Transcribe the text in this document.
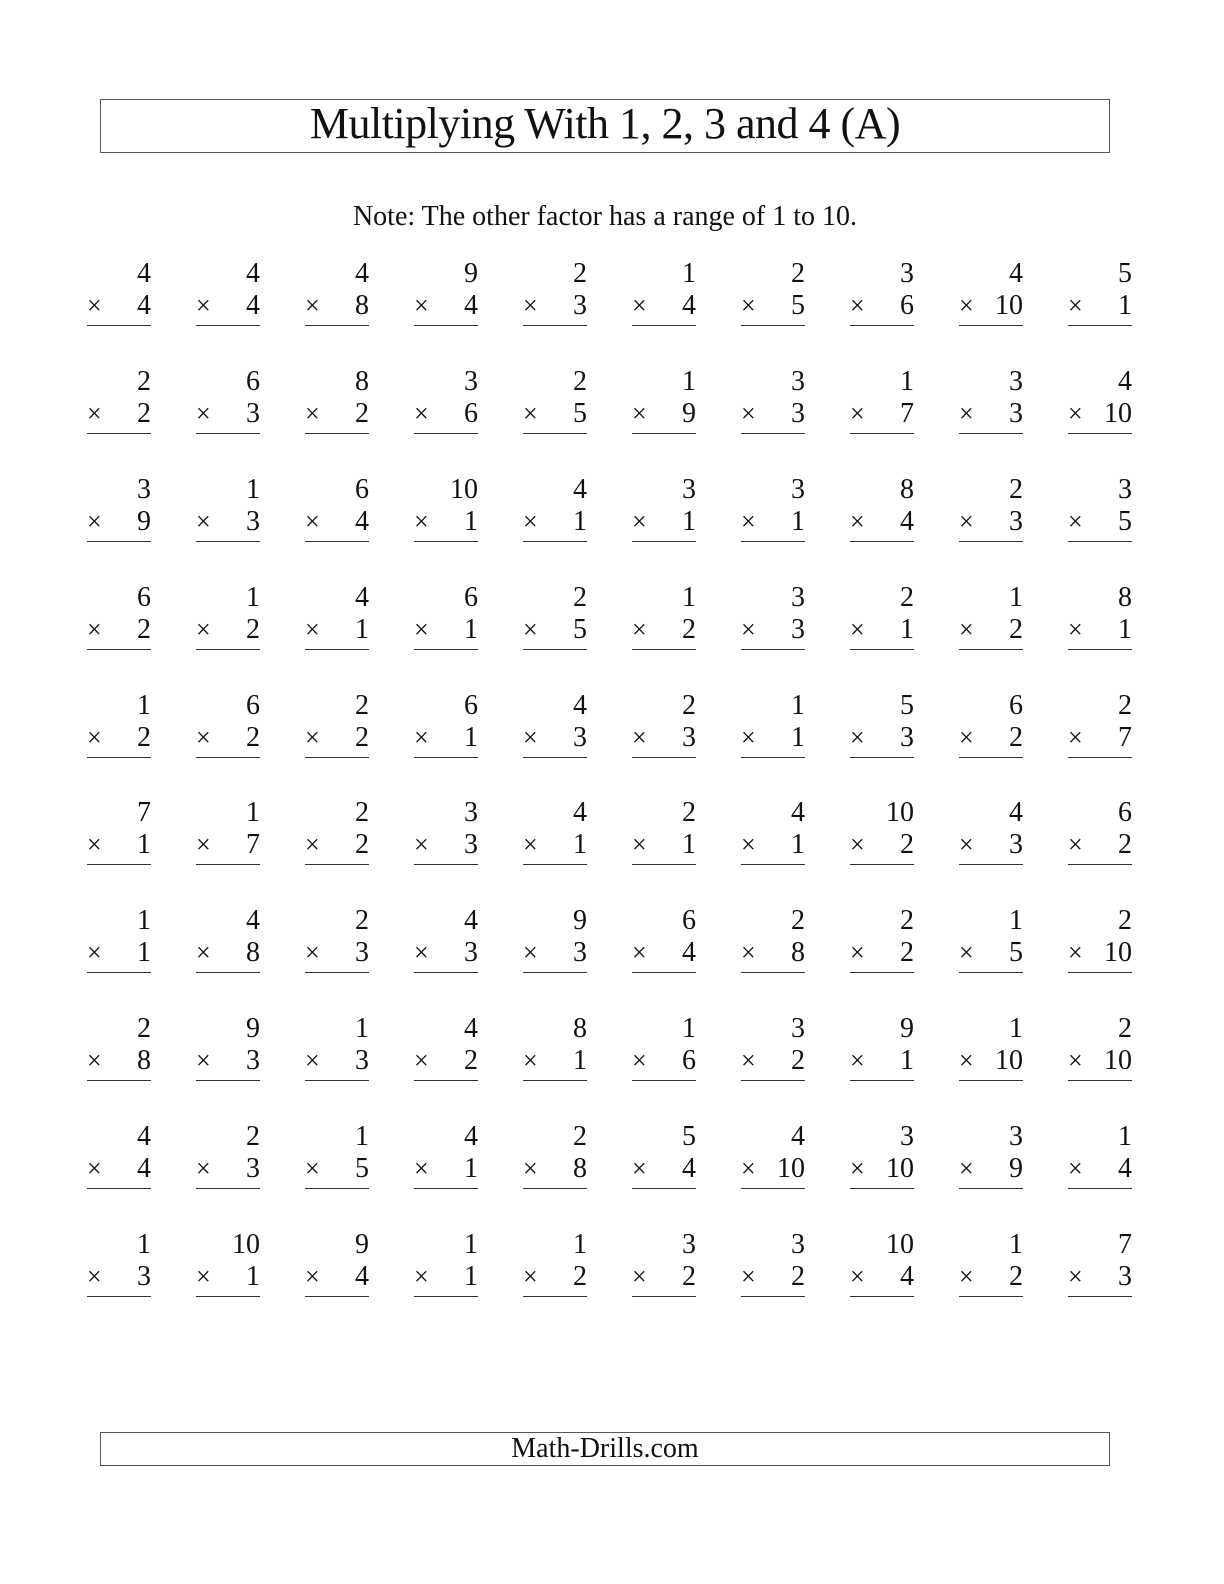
Multiplying With 1, 2, 3 and 4 (A)
Note: The other factor has a range of 1 to 10.
4
× 4
4
× 4
4
× 8
9
× 4
2
× 3
1
× 4
2
× 5
3
× 6
4
× 10
5
× 1
2
× 2
6
× 3
8
× 2
3
× 6
2
× 5
1
× 9
3
× 3
1
× 7
3
× 3
4
× 10
3
× 9
1
× 3
6
× 4
10
× 1
4
× 1
3
× 1
3
× 1
8
× 4
2
× 3
3
× 5
6
× 2
1
× 2
4
× 1
6
× 1
2
× 5
1
× 2
3
× 3
2
× 1
1
× 2
8
× 1
1
× 2
6
× 2
2
× 2
6
× 1
4
× 3
2
× 3
1
× 1
5
× 3
6
× 2
2
× 7
7
× 1
1
× 7
2
× 2
3
× 3
4
× 1
2
× 1
4
× 1
10
× 2
4
× 3
6
× 2
1
× 1
4
× 8
2
× 3
4
× 3
9
× 3
6
× 4
2
× 8
2
× 2
1
× 5
2
× 10
2
× 8
9
× 3
1
× 3
4
× 2
8
× 1
1
× 6
3
× 2
9
× 1
1
× 10
2
× 10
4
× 4
2
× 3
1
× 5
4
× 1
2
× 8
5
× 4
4
× 10
3
× 10
3
× 9
1
× 4
1
× 3
10
× 1
9
× 4
1
× 1
1
× 2
3
× 2
3
× 2
10
× 4
1
× 2
7
× 3
Math-Drills.com
